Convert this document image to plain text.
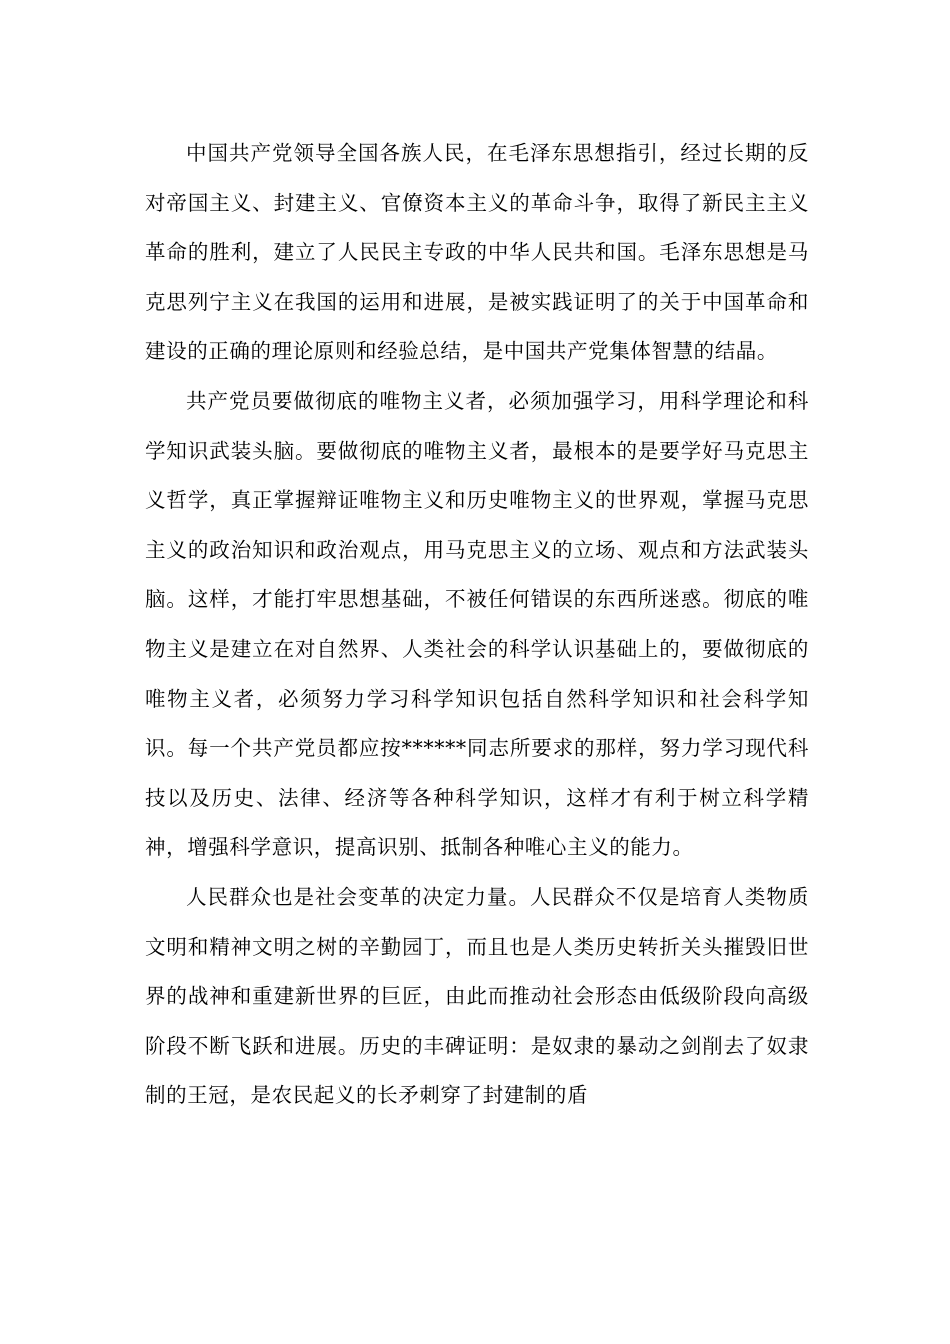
中国共产党领导全国各族人民，在毛泽东思想指引，经过长期的反对帝国主义、封建主义、官僚资本主义的革命斗争，取得了新民主主义革命的胜利，建立了人民民主专政的中华人民共和国。毛泽东思想是马克思列宁主义在我国的运用和进展，是被实践证明了的关于中国革命和建设的正确的理论原则和经验总结，是中国共产党集体智慧的结晶。

共产党员要做彻底的唯物主义者，必须加强学习，用科学理论和科学知识武装头脑。要做彻底的唯物主义者，最根本的是要学好马克思主义哲学，真正掌握辩证唯物主义和历史唯物主义的世界观，掌握马克思主义的政治知识和政治观点，用马克思主义的立场、观点和方法武装头脑。这样，才能打牢思想基础，不被任何错误的东西所迷惑。彻底的唯物主义是建立在对自然界、人类社会的科学认识基础上的，要做彻底的唯物主义者，必须努力学习科学知识包括自然科学知识和社会科学知识。每一个共产党员都应按******同志所要求的那样，努力学习现代科技以及历史、法律、经济等各种科学知识，这样才有利于树立科学精神，增强科学意识，提高识别、抵制各种唯心主义的能力。

人民群众也是社会变革的决定力量。人民群众不仅是培育人类物质文明和精神文明之树的辛勤园丁，而且也是人类历史转折关头摧毁旧世界的战神和重建新世界的巨匠，由此而推动社会形态由低级阶段向高级阶段不断飞跃和进展。历史的丰碑证明：是奴隶的暴动之剑削去了奴隶制的王冠，是农民起义的长矛刺穿了封建制的盾
